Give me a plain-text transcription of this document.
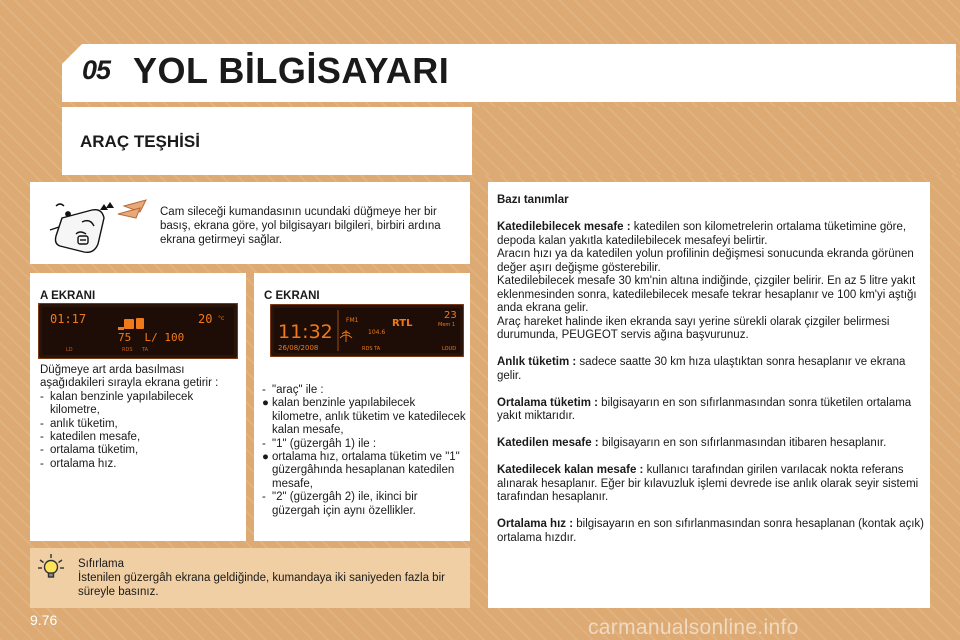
05 YOL BİLGİSAYARI
ARAÇ TEŞHİSİ
Cam sileceği kumandasının ucundaki düğmeye her bir basış, ekrana göre, yol bilgisayarı bilgileri, birbiri ardına ekrana getirmeyi sağlar.
A EKRANI
01:17	20 °c
75  L/ 100
LD	RDS TA
Düğmeye art arda basılması aşağıdakileri sırayla ekrana getirir :
- kalan benzinle yapılabilecek kilometre,
- anlık tüketim,
- katedilen mesafe,
- ortalama tüketim,
- ortalama hız.
C EKRANI
11:32
26/08/2008
FM1	RTL
104.6
23
Mem 1
RDS TA	LOUD
- "araç" ile :
● kalan benzinle yapılabilecek kilometre, anlık tüketim ve katedilecek kalan mesafe,
- "1" (güzergâh 1) ile :
● ortalama hız, ortalama tüketim ve "1" güzergâhında hesaplanan katedilen mesafe,
- "2" (güzergâh 2) ile, ikinci bir güzergah için aynı özellikler.
Bazı tanımlar
Katedilebilecek mesafe : katedilen son kilometrelerin ortalama tüketimine göre, depoda kalan yakıtla katedilebilecek mesafeyi belirtir.
Aracın hızı ya da katedilen yolun profilinin değişmesi sonucunda ekranda görünen değer aşırı değişme gösterebilir.
Katedilebilecek mesafe 30 km'nin altına indiğinde, çizgiler belirir. En az 5 litre yakıt eklenmesinden sonra, katedilebilecek mesafe tekrar hesaplanır ve 100 km'yi aştığı anda ekrana gelir.
Araç hareket halinde iken ekranda sayı yerine sürekli olarak çizgiler belirmesi durumunda, PEUGEOT servis ağına başvurunuz.
Anlık tüketim : sadece saatte 30 km hıza ulaştıktan sonra hesaplanır ve ekrana gelir.
Ortalama tüketim : bilgisayarın en son sıfırlanmasından sonra tüketilen ortalama yakıt miktarıdır.
Katedilen mesafe : bilgisayarın en son sıfırlanmasından itibaren hesaplanır.
Katedilecek kalan mesafe : kullanıcı tarafından girilen varılacak nokta referans alınarak hesaplanır. Eğer bir kılavuzluk işlemi devrede ise anlık olarak seyir sistemi tarafından hesaplanır.
Ortalama hız : bilgisayarın en son sıfırlanmasından sonra hesaplanan (kontak açık) ortalama hızdır.
Sıfırlama
İstenilen güzergâh ekrana geldiğinde, kumandaya iki saniyeden fazla bir süreyle basınız.
9.76	carmanualsonline.info
